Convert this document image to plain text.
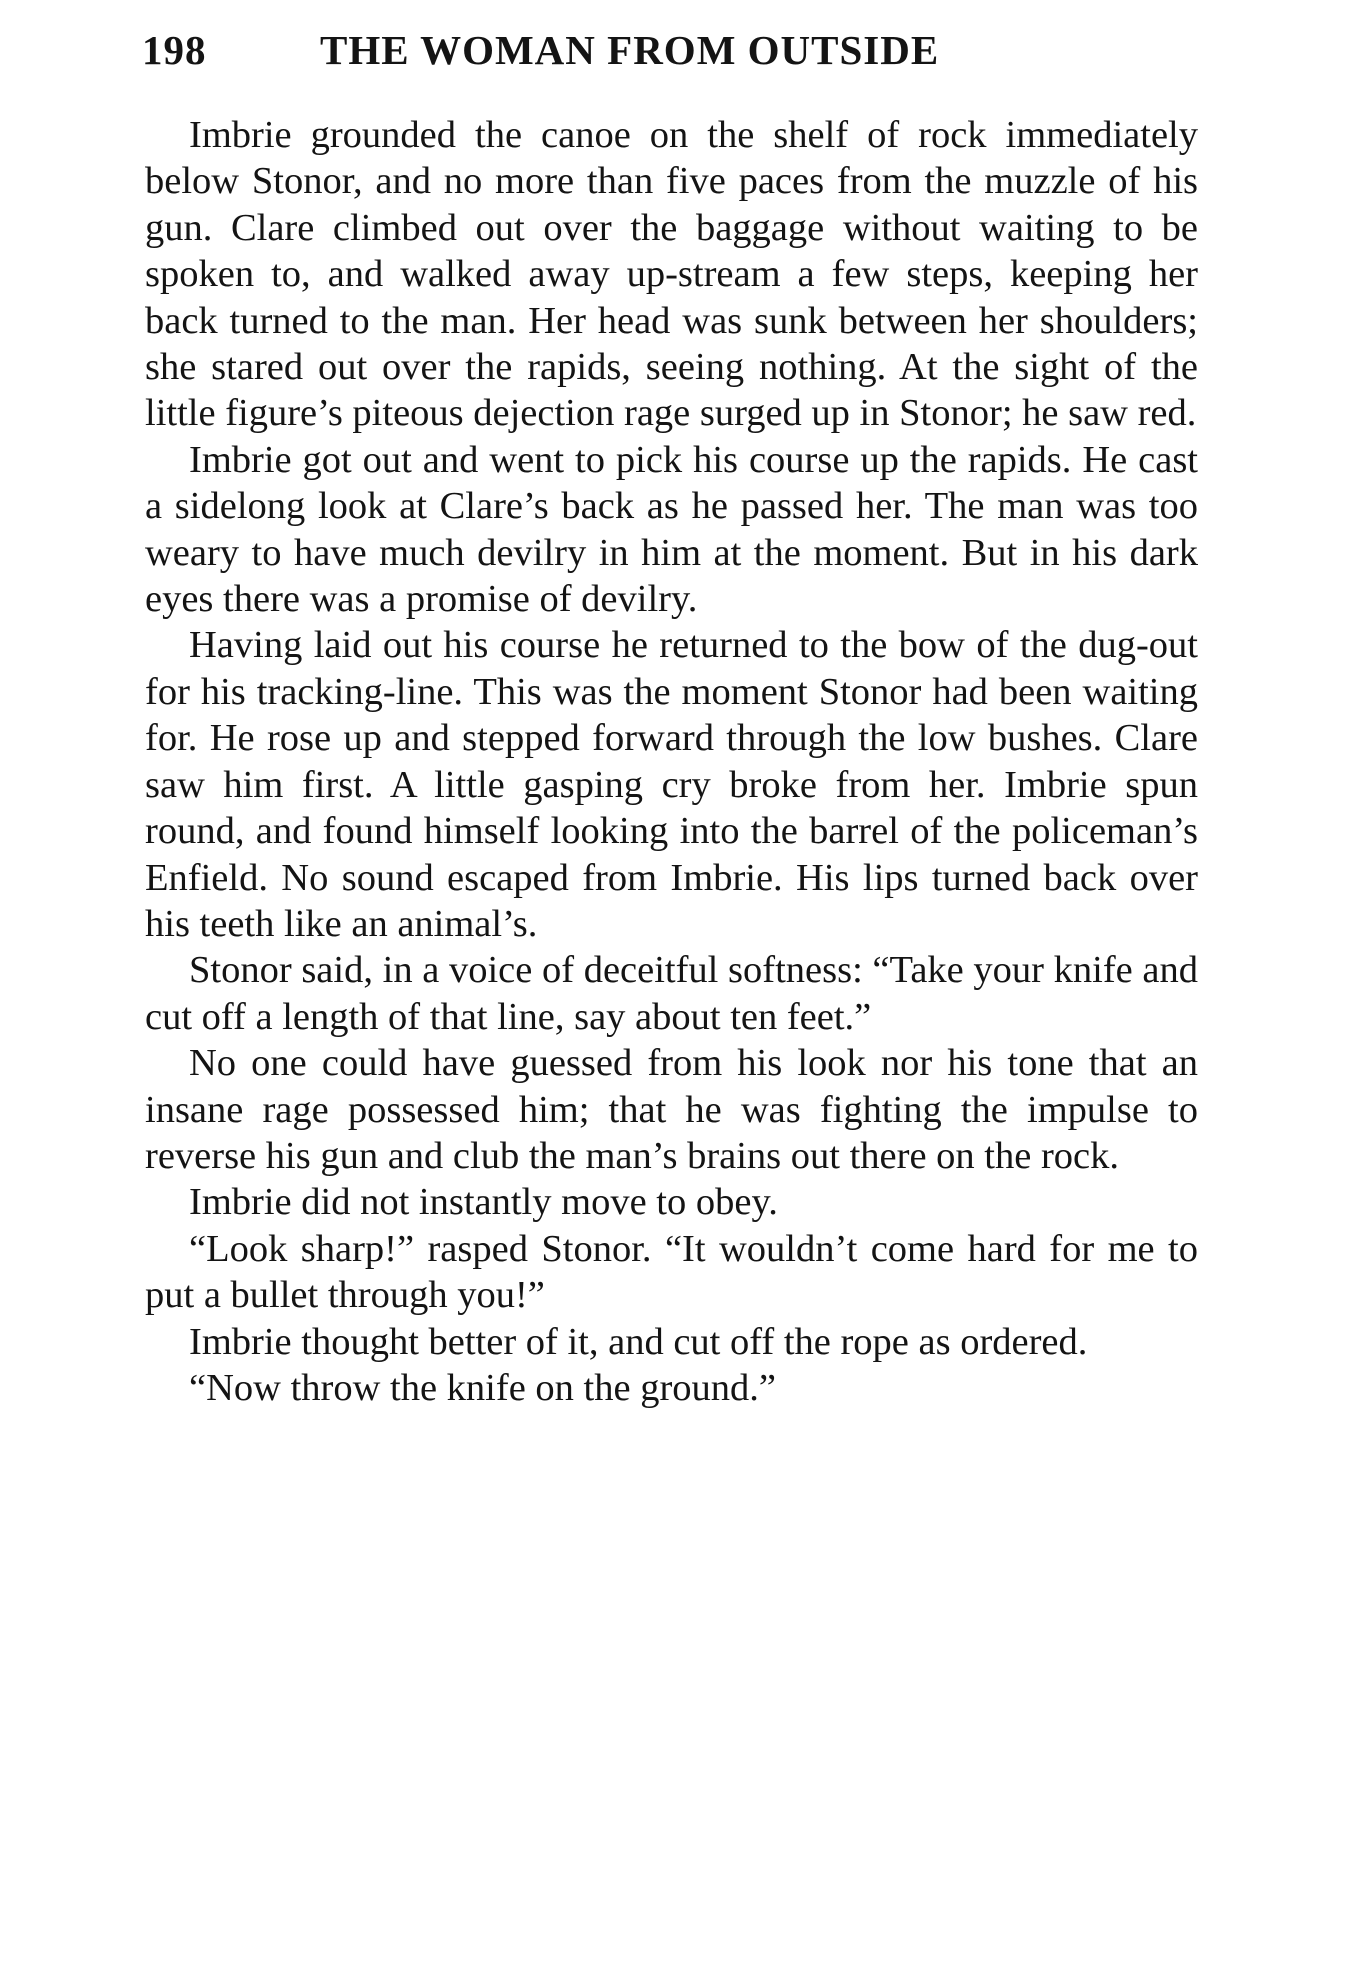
198	THE WOMAN FROM OUTSIDE

Imbrie grounded the canoe on the shelf of rock immediately below Stonor, and no more than five paces from the muzzle of his gun. Clare climbed out over the baggage without waiting to be spoken to, and walked away up-stream a few steps, keeping her back turned to the man. Her head was sunk between her shoulders; she stared out over the rapids, seeing nothing. At the sight of the little figure’s piteous dejection rage surged up in Stonor; he saw red.

Imbrie got out and went to pick his course up the rapids. He cast a sidelong look at Clare’s back as he passed her. The man was too weary to have much devilry in him at the moment. But in his dark eyes there was a promise of devilry.

Having laid out his course he returned to the bow of the dug-out for his tracking-line. This was the moment Stonor had been waiting for. He rose up and stepped forward through the low bushes. Clare saw him first. A little gasping cry broke from her. Imbrie spun round, and found himself looking into the barrel of the policeman’s Enfield. No sound escaped from Imbrie. His lips turned back over his teeth like an animal’s.

Stonor said, in a voice of deceitful softness: “Take your knife and cut off a length of that line, say about ten feet.”

No one could have guessed from his look nor his tone that an insane rage possessed him; that he was fighting the impulse to reverse his gun and club the man’s brains out there on the rock.

Imbrie did not instantly move to obey.

“Look sharp!” rasped Stonor. “It wouldn’t come hard for me to put a bullet through you!”

Imbrie thought better of it, and cut off the rope as ordered.

“Now throw the knife on the ground.”
